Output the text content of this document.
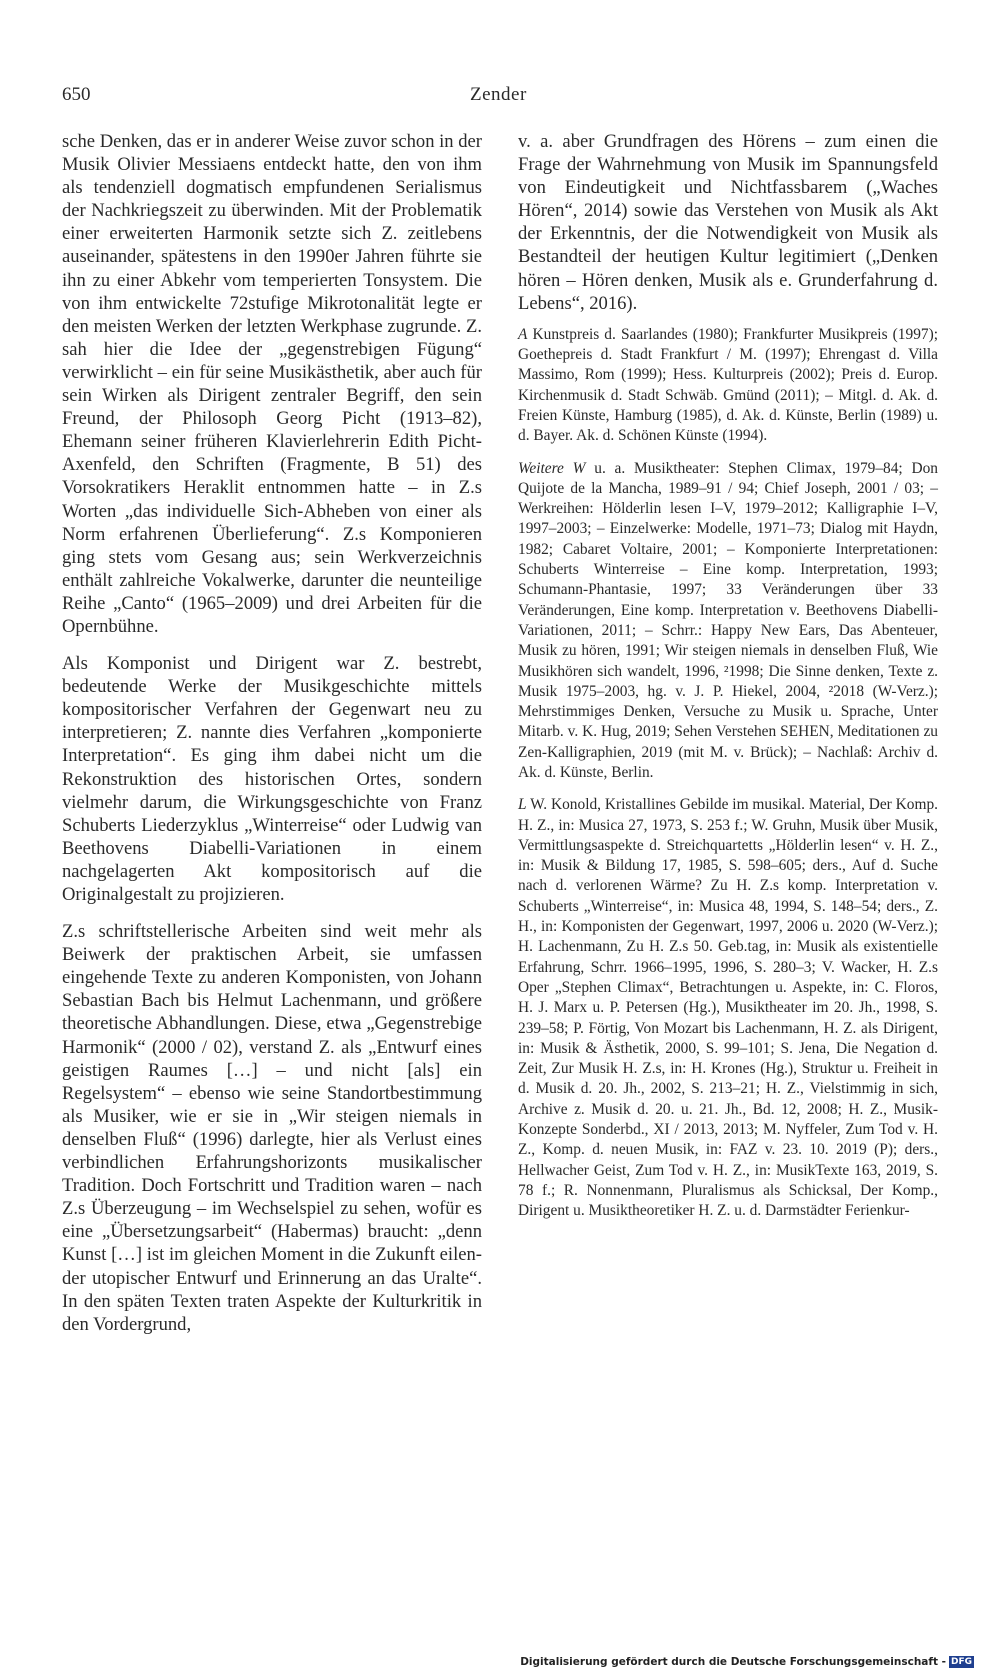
650	Zender

sche Denken, das er in anderer Weise zuvor schon in der Musik Olivier Messiaens entdeckt hatte, den von ihm als tendenziell dogmatisch empfundenen Serialismus der Nachkriegszeit zu überwinden. Mit der Problematik einer erweiterten Harmonik setzte sich Z. zeitlebens auseinander, spätestens in den 1990er Jahren führte sie ihn zu einer Abkehr vom temperierten Tonsystem. Die von ihm entwickelte 72stufige Mikrotonalität legte er den meisten Werken der letzten Werkphase zugrunde. Z. sah hier die Idee der „gegenstrebigen Fügung“ verwirklicht – ein für seine Musikästhetik, aber auch für sein Wirken als Dirigent zentraler Begriff, den sein Freund, der Philosoph Georg Picht (1913–82), Ehemann seiner früheren Klavierlehrerin Edith Picht-Axenfeld, den Schriften (Fragmente, B 51) des Vorsokratikers Heraklit entnommen hatte – in Z.s Worten „das individuelle Sich-Abheben von einer als Norm erfahrenen Überlieferung“. Z.s Komponieren ging stets vom Gesang aus; sein Werkverzeichnis enthält zahlreiche Vokalwerke, darunter die neunteilige Reihe „Canto“ (1965–2009) und drei Arbeiten für die Opernbühne.

Als Komponist und Dirigent war Z. bestrebt, bedeutende Werke der Musikgeschichte mittels kompositorischer Verfahren der Gegenwart neu zu interpretieren; Z. nannte dies Verfahren „komponierte Interpretation“. Es ging ihm dabei nicht um die Rekonstruktion des historischen Ortes, sondern vielmehr darum, die Wirkungsgeschichte von Franz Schuberts Liederzyklus „Winterreise“ oder Ludwig van Beethovens Diabelli-Variationen in einem nachgelagerten Akt kompositorisch auf die Originalgestalt zu projizieren.

Z.s schriftstellerische Arbeiten sind weit mehr als Beiwerk der praktischen Arbeit, sie umfassen eingehende Texte zu anderen Komponisten, von Johann Sebastian Bach bis Helmut Lachenmann, und größere theoretische Abhandlungen. Diese, etwa „Gegenstrebige Harmonik“ (2000 / 02), verstand Z. als „Entwurf eines geistigen Raumes […] – und nicht [als] ein Regelsystem“ – ebenso wie seine Standortbestimmung als Musiker, wie er sie in „Wir steigen niemals in denselben Fluß“ (1996) darlegte, hier als Verlust eines verbindlichen Erfahrungshorizonts musikalischer Tradition. Doch Fortschritt und Tradition waren – nach Z.s Überzeugung – im Wechselspiel zu sehen, wofür es eine „Übersetzungsarbeit“ (Habermas) braucht: „denn Kunst […] ist im gleichen Moment in die Zukunft eilender utopischer Entwurf und Erinnerung an das Uralte“. In den späten Texten traten Aspekte der Kulturkritik in den Vordergrund,

v. a. aber Grundfragen des Hörens – zum einen die Frage der Wahrnehmung von Musik im Spannungsfeld von Eindeutigkeit und Nichtfassbarem („Waches Hören“, 2014) sowie das Verstehen von Musik als Akt der Erkenntnis, der die Notwendigkeit von Musik als Bestandteil der heutigen Kultur legitimiert („Denken hören – Hören denken, Musik als e. Grunderfahrung d. Lebens“, 2016).

A Kunstpreis d. Saarlandes (1980); Frankfurter Musikpreis (1997); Goethepreis d. Stadt Frankfurt / M. (1997); Ehrengast d. Villa Massimo, Rom (1999); Hess. Kulturpreis (2002); Preis d. Europ. Kirchenmusik d. Stadt Schwäb. Gmünd (2011); – Mitgl. d. Ak. d. Freien Künste, Hamburg (1985), d. Ak. d. Künste, Berlin (1989) u. d. Bayer. Ak. d. Schönen Künste (1994).

Weitere W u. a. Musiktheater: Stephen Climax, 1979–84; Don Quijote de la Mancha, 1989–91 / 94; Chief Joseph, 2001 / 03; – Werkreihen: Hölderlin lesen I–V, 1979–2012; Kalligraphie I–V, 1997–2003; – Einzelwerke: Modelle, 1971–73; Dialog mit Haydn, 1982; Cabaret Voltaire, 2001; – Komponierte Interpretationen: Schuberts Winterreise – Eine komp. Interpretation, 1993; Schumann-Phantasie, 1997; 33 Veränderungen über 33 Veränderungen, Eine komp. Interpretation v. Beethovens Diabelli-Variationen, 2011; – Schrr.: Happy New Ears, Das Abenteuer, Musik zu hören, 1991; Wir steigen niemals in denselben Fluß, Wie Musikhören sich wandelt, 1996, ²1998; Die Sinne denken, Texte z. Musik 1975–2003, hg. v. J. P. Hiekel, 2004, ²2018 (W-Verz.); Mehrstimmiges Denken, Versuche zu Musik u. Sprache, Unter Mitarb. v. K. Hug, 2019; Sehen Verstehen SEHEN, Meditationen zu Zen-Kalligraphien, 2019 (mit M. v. Brück); – Nachlaß: Archiv d. Ak. d. Künste, Berlin.

L W. Konold, Kristallines Gebilde im musikal. Material, Der Komp. H. Z., in: Musica 27, 1973, S. 253 f.; W. Gruhn, Musik über Musik, Vermittlungsaspekte d. Streichquartetts „Hölderlin lesen“ v. H. Z., in: Musik & Bildung 17, 1985, S. 598–605; ders., Auf d. Suche nach d. verlorenen Wärme? Zu H. Z.s komp. Interpretation v. Schuberts „Winterreise“, in: Musica 48, 1994, S. 148–54; ders., Z. H., in: Komponisten der Gegenwart, 1997, 2006 u. 2020 (W-Verz.); H. Lachenmann, Zu H. Z.s 50. Geb.tag, in: Musik als existentielle Erfahrung, Schrr. 1966–1995, 1996, S. 280–3; V. Wacker, H. Z.s Oper „Stephen Climax“, Betrachtungen u. Aspekte, in: C. Floros, H. J. Marx u. P. Petersen (Hg.), Musiktheater im 20. Jh., 1998, S. 239–58; P. Förtig, Von Mozart bis Lachenmann, H. Z. als Dirigent, in: Musik & Ästhetik, 2000, S. 99–101; S. Jena, Die Negation d. Zeit, Zur Musik H. Z.s, in: H. Krones (Hg.), Struktur u. Freiheit in d. Musik d. 20. Jh., 2002, S. 213–21; H. Z., Vielstimmig in sich, Archive z. Musik d. 20. u. 21. Jh., Bd. 12, 2008; H. Z., Musik-Konzepte Sonderbd., XI / 2013, 2013; M. Nyffeler, Zum Tod v. H. Z., Komp. d. neuen Musik, in: FAZ v. 23. 10. 2019 (P); ders., Hellwacher Geist, Zum Tod v. H. Z., in: MusikTexte 163, 2019, S. 78 f.; R. Nonnenmann, Pluralismus als Schicksal, Der Komp., Dirigent u. Musiktheoretiker H. Z. u. d. Darmstädter Ferienkur-

Digitalisierung gefördert durch die Deutsche Forschungsgemeinschaft - DFG
